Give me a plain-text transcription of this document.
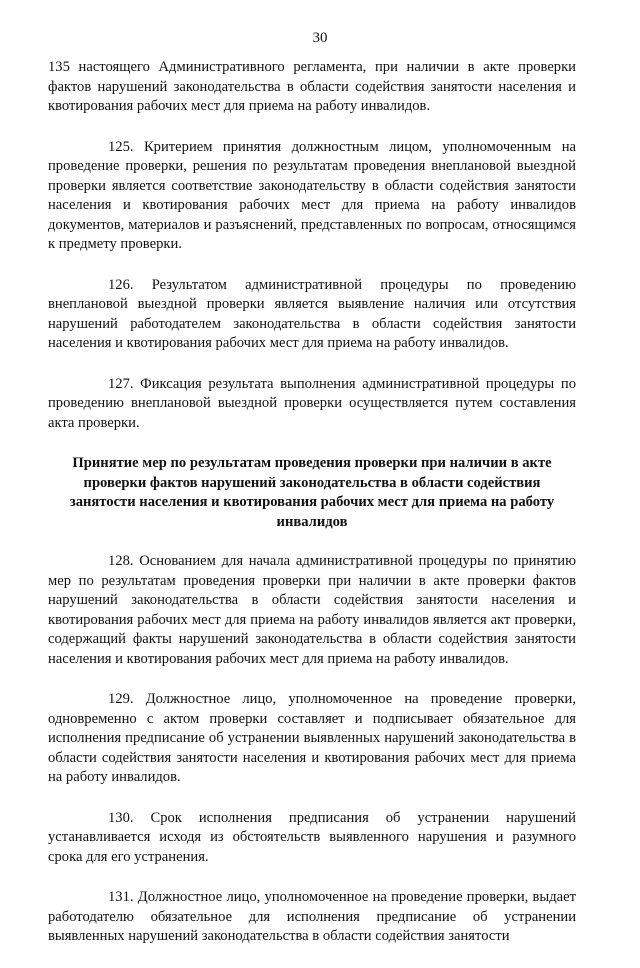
30

135 настоящего Административного регламента, при наличии в акте проверки фактов нарушений законодательства в области содействия занятости населения и квотирования рабочих мест для приема на работу инвалидов.

125. Критерием принятия должностным лицом, уполномоченным на проведение проверки, решения по результатам проведения внеплановой выездной проверки является соответствие законодательству в области содействия занятости населения и квотирования рабочих мест для приема на работу инвалидов документов, материалов и разъяснений, представленных по вопросам, относящимся к предмету проверки.

126. Результатом административной процедуры по проведению внеплановой выездной проверки является выявление наличия или отсутствия нарушений работодателем законодательства в области содействия занятости населения и квотирования рабочих мест для приема на работу инвалидов.

127. Фиксация результата выполнения административной процедуры по проведению внеплановой выездной проверки осуществляется путем составления акта проверки.

Принятие мер по результатам проведения проверки при наличии в акте проверки фактов нарушений законодательства в области содействия занятости населения и квотирования рабочих мест для приема на работу инвалидов

128. Основанием для начала административной процедуры по принятию мер по результатам проведения проверки при наличии в акте проверки фактов нарушений законодательства в области содействия занятости населения и квотирования рабочих мест для приема на работу инвалидов является акт проверки, содержащий факты нарушений законодательства в области содействия занятости населения и квотирования рабочих мест для приема на работу инвалидов.

129. Должностное лицо, уполномоченное на проведение проверки, одновременно с актом проверки составляет и подписывает обязательное для исполнения предписание об устранении выявленных нарушений законодательства в области содействия занятости населения и квотирования рабочих мест для приема на работу инвалидов.

130. Срок исполнения предписания об устранении нарушений устанавливается исходя из обстоятельств выявленного нарушения и разумного срока для его устранения.

131. Должностное лицо, уполномоченное на проведение проверки, выдает работодателю обязательное для исполнения предписание об устранении выявленных нарушений законодательства в области содействия занятости
